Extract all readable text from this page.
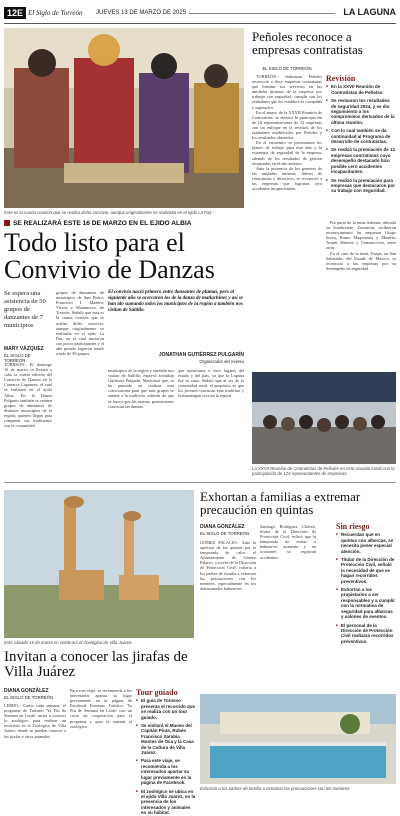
12E El Siglo de Torreón JUEVES 13 DE MARZO DE 2025	LA LAGUNA
Este es la cuarta ocasión que se realiza dicho convivio, aunque originalmente se realizaba en el ejido La Paz.
Peñoles reconoce a empresas contratistas
EL SIGLO DE TORREÓN

TORREÓN.- Industrias Peñoles reconoció a doce empresas contratistas que brindan sus servicios en las unidades mineras de la empresa por trabajar con seguridad, cumplir con los estándares que les establece la compañía y superarlos.

En el marco de la XXVII Reunión de Contratistas, se destacó la participación de 16 representaciones de 12 empresas con un enfoque en la revisión de los estándares establecidos por Peñoles y los resultados obtenidos.

En el encuentro se presentaron los planes de trabajo para este año y la estrategia de seguridad de la empresa, además de los resultados de gestión alcanzados en el año anterior.

Ante la presencia de los gerentes de las unidades mineras, líderes de contratistas y directivos, se reconoció a las empresas que lograron cero accidentes incapacitantes.

Revisión
■ En la XXVII Reunión de Contratistas de Peñoles:
■ Se revisaron los resultados de seguridad 2024, y se dio seguimiento a los compromisos derivados de la última reunión.
■ Con lo cual también se da continuidad al Programa de desarrollo de contratistas.
■ Se realizó la premiación de 12 empresas contratistas cuyo desempeño destacado hizo posible cero accidentes incapacitantes.
■ Se realizó la premiación para empresas que destacaron por su trabajo con seguridad.

Por parte de la mina Sabinas, ubicada en Sombrerete, Zacatecas, recibieron reconocimiento las empresas Grupo Inova, Rumo Maquinaria y Minería, Avanti Minería y Construcción, entre otras.

En el caso de la mina Tizapa, en San Sebastián, del Estado de México, se reconoció a las empresas por su desempeño en seguridad.

SE REALIZARÁ ESTE 16 DE MARZO EN EL EJIDO ALBIA
Todo listo para el Convivio de Danzas
Se espera una asistencia de 50 grupos de danzantes de 7 municipios
MARY VÁZQUEZ
EL SIGLO DE TORREÓN
TORREÓN.- El domingo 16 de marzo se llevará a cabo la cuarta edición del Convivio de Danzas en la Comarca Lagunera, el cual se realizará en el ejido Albia. En la Danza Pulgarín también se reúnen grupos de danzantes de distintos municipios de la región, quienes llegan para compartir sus tradiciones con la comunidad.
grupos de danzantes de municipios de San Pedro, Francisco I. Madero, Viesca y Matamoros, de Torreón. Señaló que esta es la cuarta ocasión que se realiza dicho convivio, aunque originalmente se realizaba en el ejido La Paz, en el cual iniciaron con pocos participantes y el año pasado lograron reunir a más de 30 grupos.
El convivio nació primero entre danzantes de plumas, pero al siguiente año se acercaron los de la danza de matlachines y así se han ido sumando todos los municipios de la región a también nos visitan de Saltillo.
JONATHAN GUTIÉRREZ PULGARÍN
Organizador del evento
municipios de la región y también nos visitan de Saltillo, expresó Jonathan Gutiérrez Pulgarín. Mencionó que, se ha pensado en realizar esta convocatoria para que más grupos se sumen a la tradición, además de que se busca que las nuevas generaciones conozcan las danzas.
que transforma a otros lugares del estado y del país, ya que la Laguna fue su cuna. Señaló que al ser de la comunidad rural, el propósito es que los jóvenes conozcan esta tradición y la mantengan viva en la región.
La XXVII Reunión de Contratistas de Peñoles en este ocasión contó con la participación de 124 representantes de empresas.
Este sábado 15 de marzo se celebrará el Zoológico de Villa Juárez.
Invitan a conocer las jirafas de Villa Juárez
DIANA GONZÁLEZ
EL SIGLO DE TORREÓN
LERDO.- Como cada semana, el programa de Turismo 'Ya Fin de Semana en Lerdo' invita a conocer lo zoológico para realizar un recorrido en el Zoológico de Villa Juárez, donde se pueden conocer a las jirafas y otros animales.
Para este viaje, se recomienda a los interesados apartar su lugar previamente en la página de Facebook Fomento Turístico 'Ya Fin de Semana en Lerdo' con un costo de cooperación para el programa y para la entrada al zoológico.
Tour guiado
■ El guía de Turismo presenta el recorrido que se realiza con un tour guiado.
■ Se visitará el Museo del Capitán Pinta, Rubén Francisco Sarabia Montes de Oca y la Casa de la Cultura de Villa Juárez.
■ Para este viaje, se recomienda a los interesados apartar su lugar previamente en la página de Facebook.
■ El zoológico se ubica en el ejido Villa Juárez, en la presencia de los interesados y animales en su hábitat.
Exhortan a familias a extremar precaución en quintas
DIANA GONZÁLEZ
EL SIGLO DE TORREÓN
GÓMEZ PALACIO.- Ante la apertura de las quintas por la temporada de calor, el Ayuntamiento de Gómez Palacio, a través de la Dirección de Protección Civil, exhorta a los padres de familia a extremar las precauciones con los menores, especialmente en los denominados balnearios.
Santiago Rodríguez Chávez, titular de la Dirección de Protección Civil, refirió que la temporada de visitas a balnearios aumenta y en ocasiones se registran accidentes.
Sin riesgo
■ Recuerdan que en quintas con albercas, se necesita poner especial atención.
■ Titular de la Dirección de Protección Civil, señaló la necesidad de que se hagan recorridos preventivos.
■ Exhortan a los propietarios a ser responsables y a cumplir con la normativa de seguridad para albercas y salones de eventos.
■ El personal de la Dirección de Protección Civil realizará recorridos preventivos.
Exhortan a los padres de familia a extremar las precauciones con los menores.
